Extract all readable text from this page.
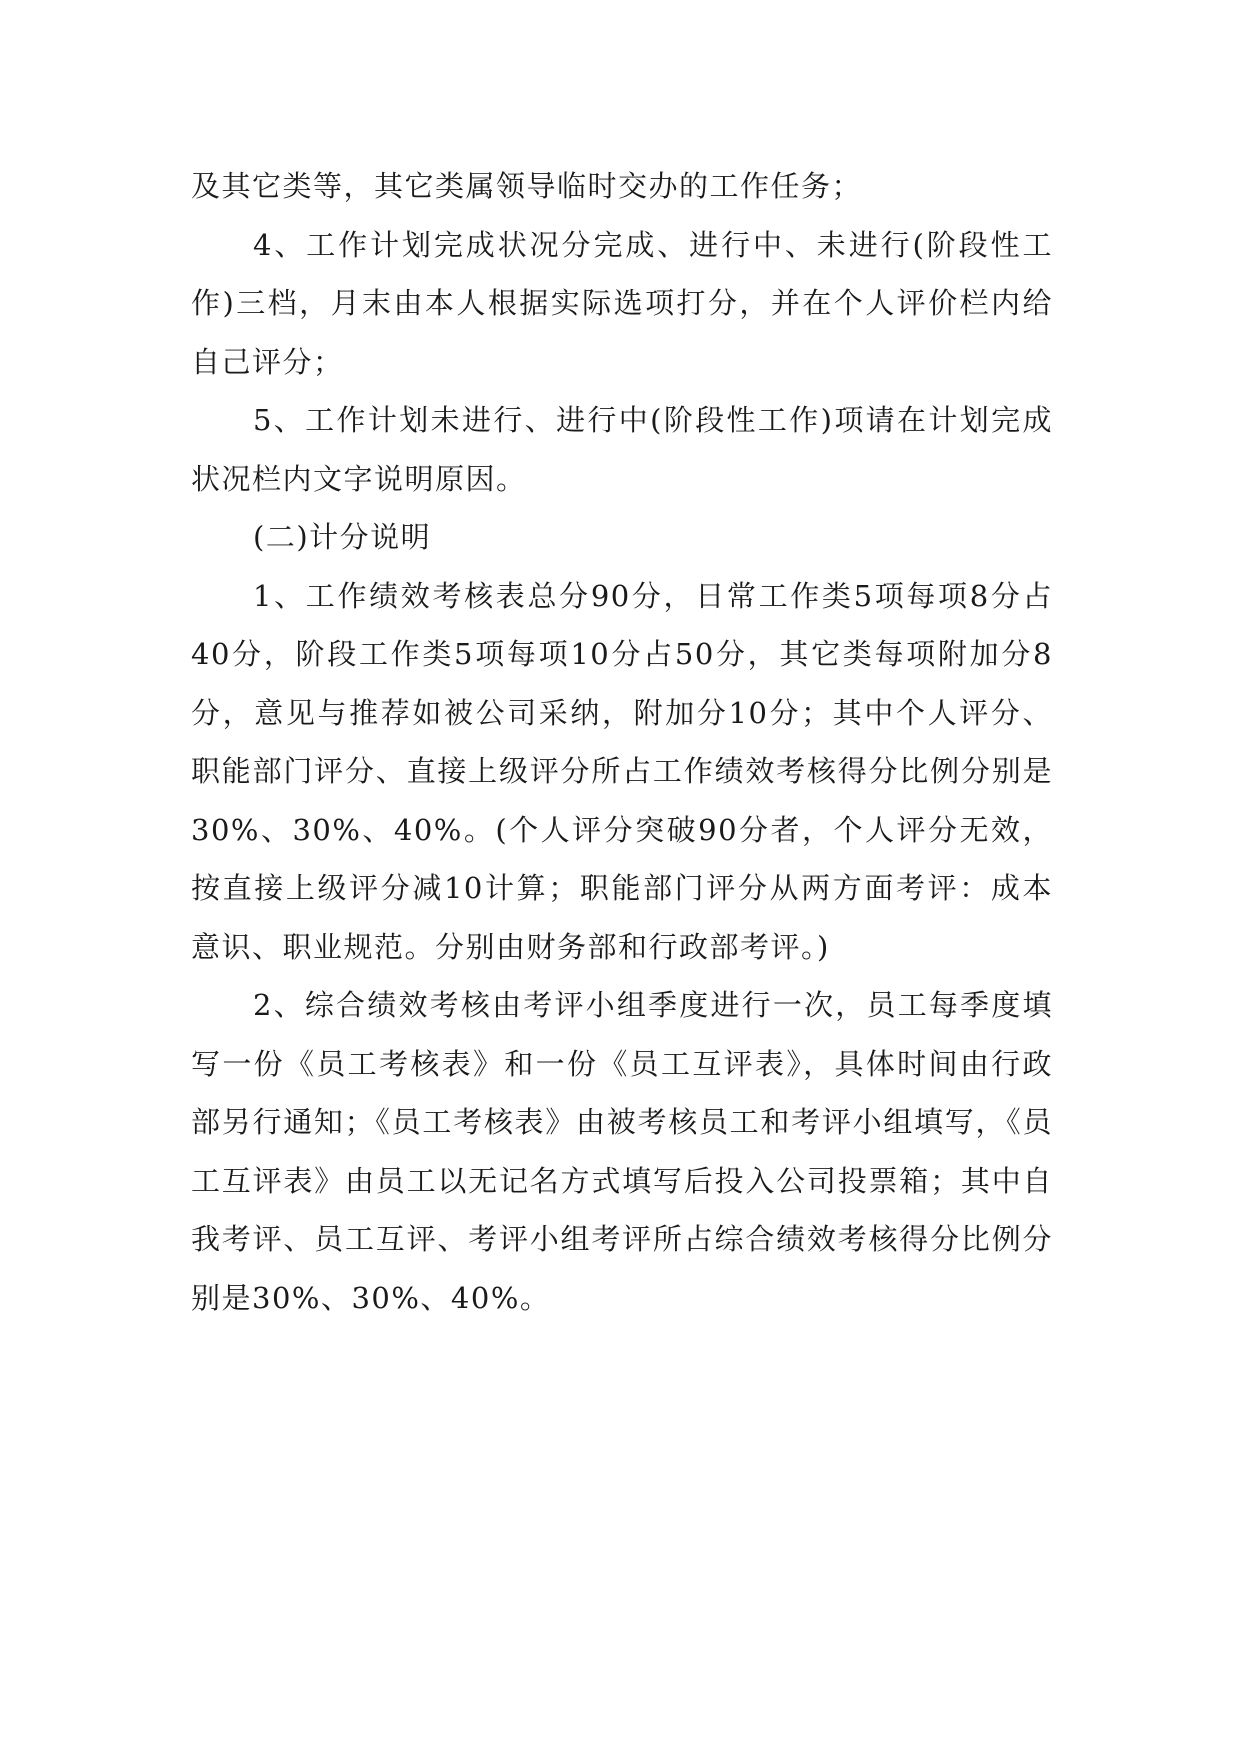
及其它类等，其它类属领导临时交办的工作任务；

4、工作计划完成状况分完成、进行中、未进行(阶段性工作)三档，月末由本人根据实际选项打分，并在个人评价栏内给自己评分；

5、工作计划未进行、进行中(阶段性工作)项请在计划完成状况栏内文字说明原因。

(二)计分说明

1、工作绩效考核表总分90分，日常工作类5项每项8分占40分，阶段工作类5项每项10分占50分，其它类每项附加分8分，意见与推荐如被公司采纳，附加分10分；其中个人评分、职能部门评分、直接上级评分所占工作绩效考核得分比例分别是30%、30%、40%。(个人评分突破90分者，个人评分无效，按直接上级评分减10计算；职能部门评分从两方面考评：成本意识、职业规范。分别由财务部和行政部考评。)

2、综合绩效考核由考评小组季度进行一次，员工每季度填写一份《员工考核表》和一份《员工互评表》，具体时间由行政部另行通知；《员工考核表》由被考核员工和考评小组填写，《员工互评表》由员工以无记名方式填写后投入公司投票箱；其中自我考评、员工互评、考评小组考评所占综合绩效考核得分比例分别是30%、30%、40%。
